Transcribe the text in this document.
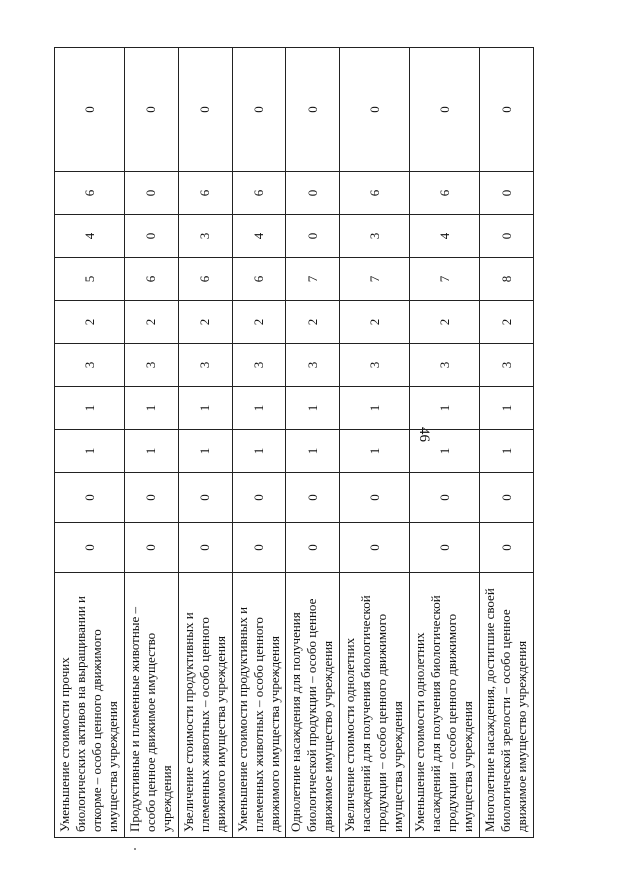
46
Уменьшение стоимости прочих биологических активов на выращивании и откорме – особо ценного движимого имущества учреждения	0	0	1	1	3	2	5	4	6	0
Продуктивные и племенные животные – особо ценное движимое имущество учреждения	0	0	1	1	3	2	6	0	0	0
Увеличение стоимости продуктивных и племенных животных – особо ценного движимого имущества учреждения	0	0	1	1	3	2	6	3	6	0
Уменьшение стоимости продуктивных и племенных животных – особо ценного движимого имущества учреждения	0	0	1	1	3	2	6	4	6	0
Однолетние насаждения для получения биологической продукции – особо ценное движимое имущество учреждения	0	0	1	1	3	2	7	0	0	0
Увеличение стоимости однолетних насаждений для получения биологической продукции – особо ценного движимого имущества учреждения	0	0	1	1	3	2	7	3	6	0
Уменьшение стоимости однолетних насаждений для получения биологической продукции – особо ценного движимого имущества учреждения	0	0	1	1	3	2	7	4	6	0
Многолетние насаждения, достигшие своей биологической зрелости – особо ценное движимое имущество учреждения	0	0	1	1	3	2	8	0	0	0
